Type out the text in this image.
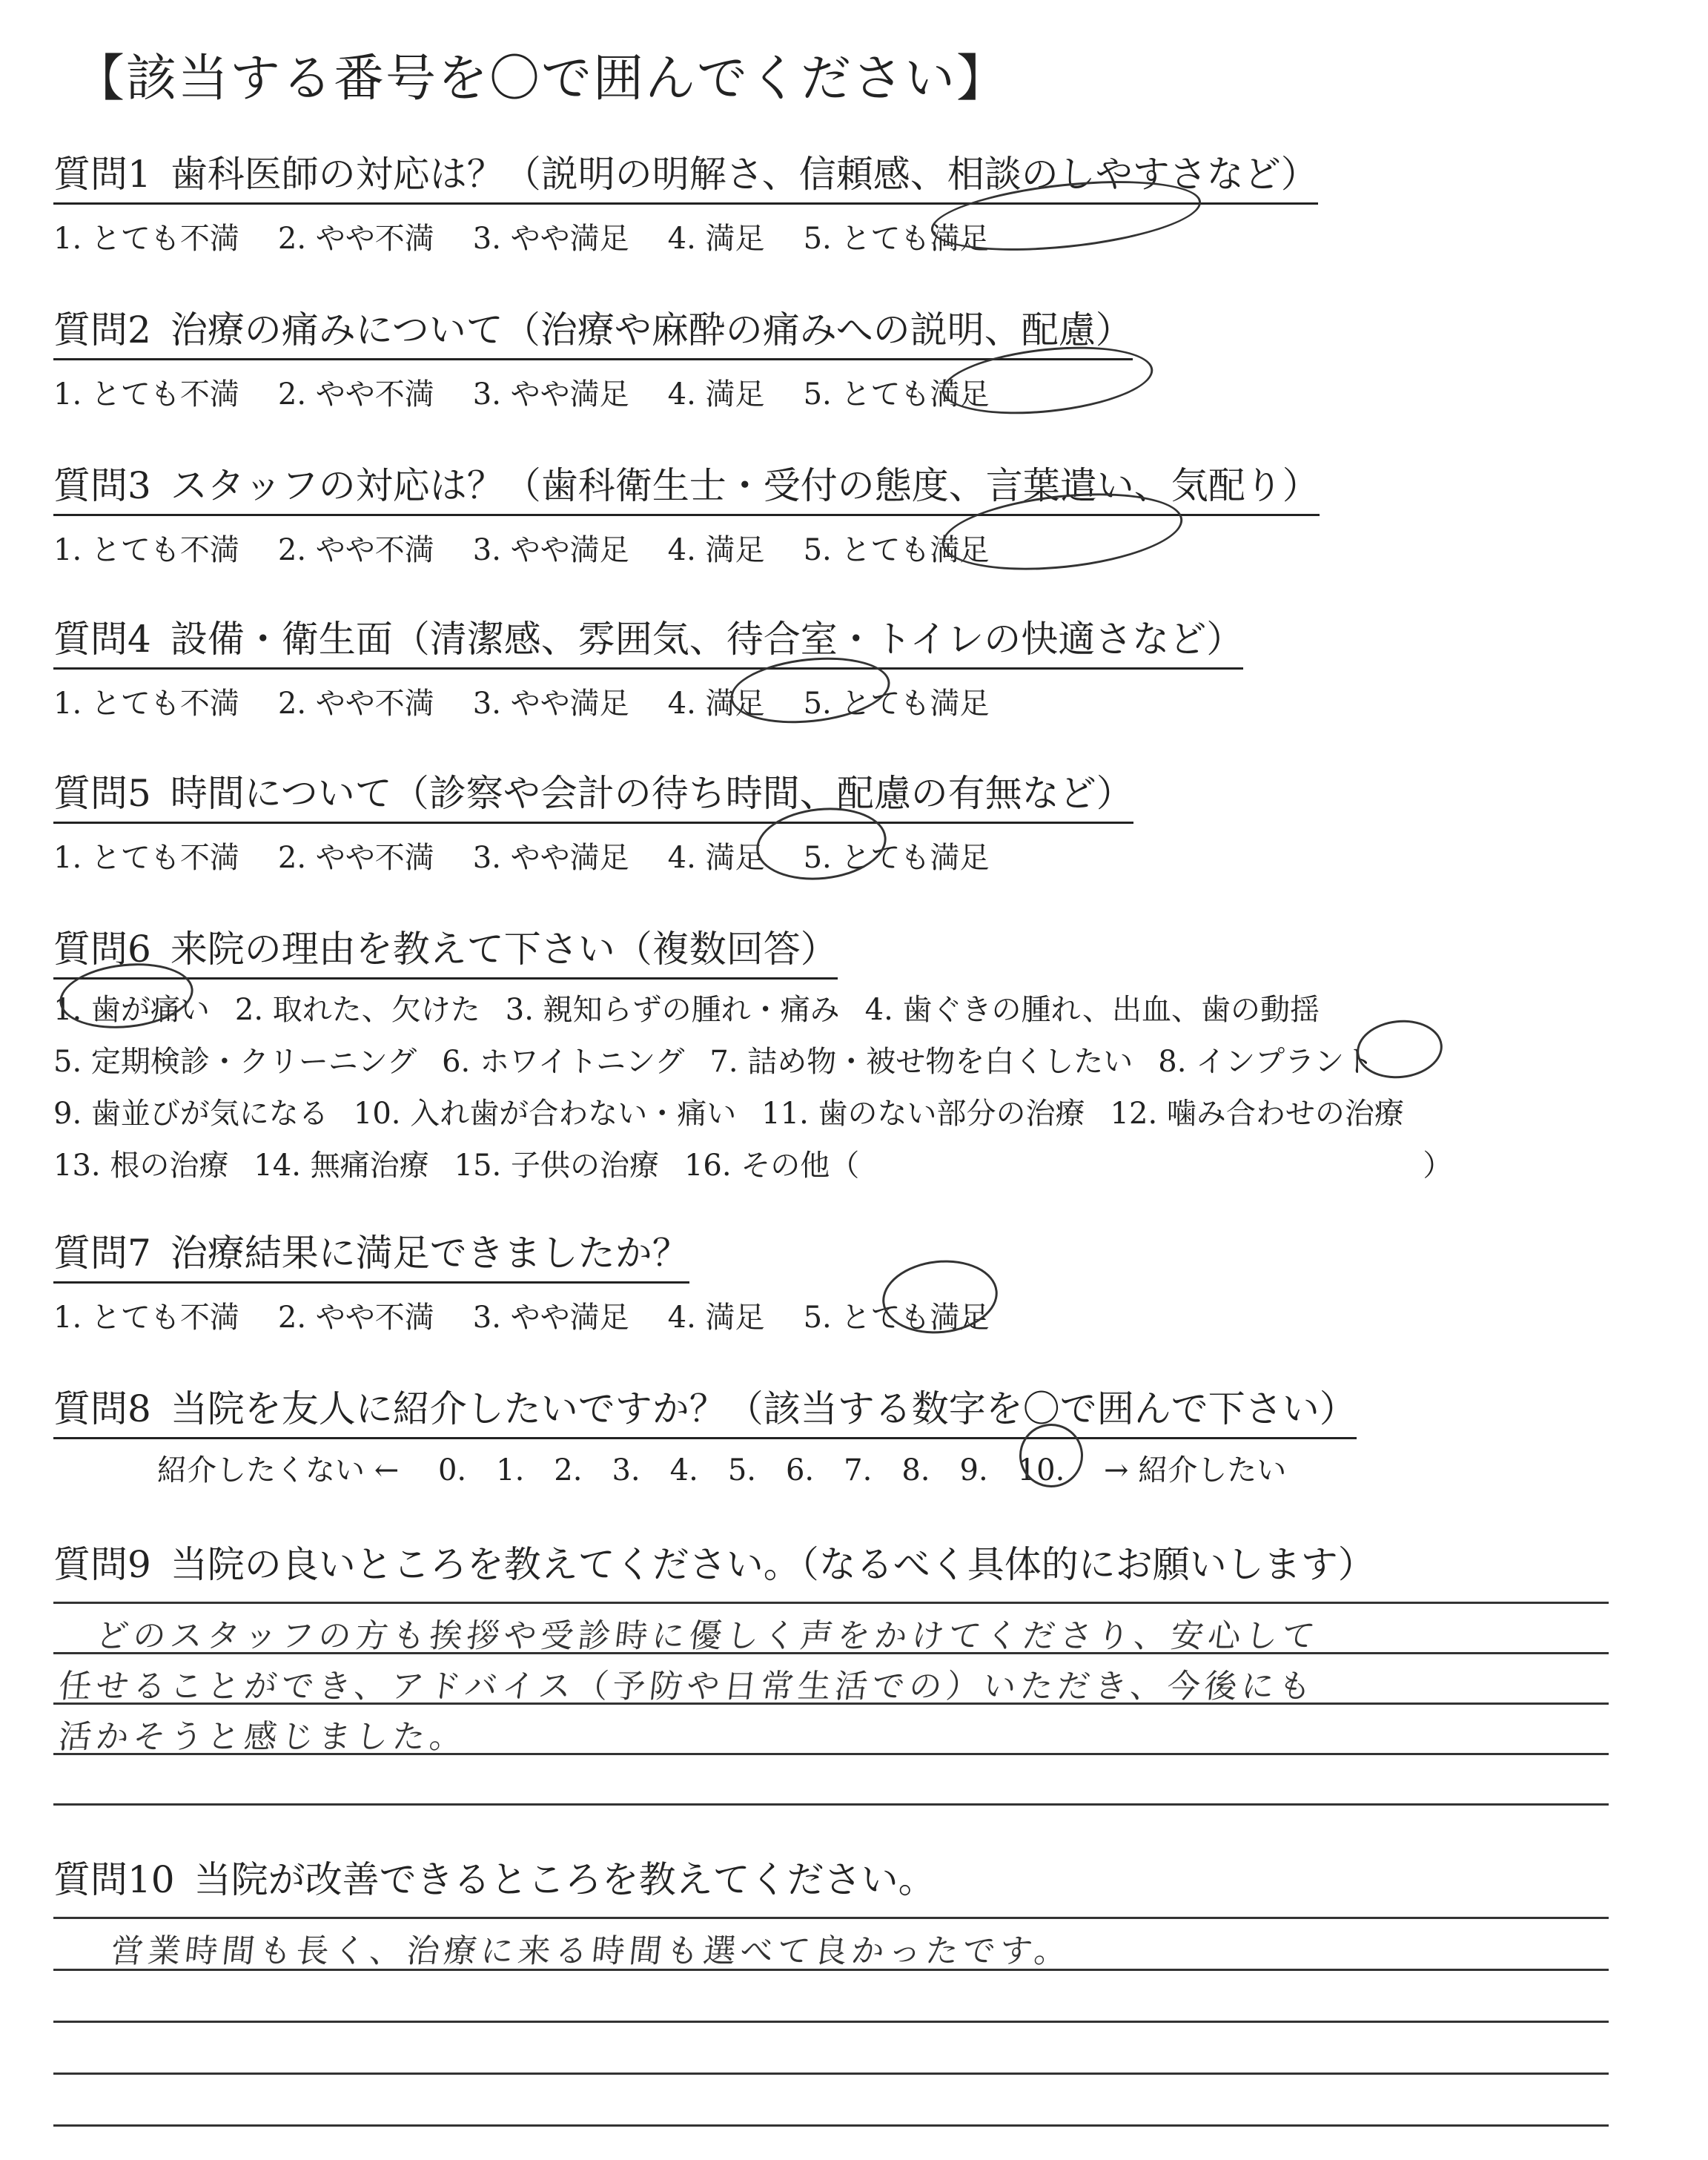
【該当する番号を〇で囲んでください】
質問1 歯科医師の対応は？（説明の明解さ、信頼感、相談のしやすさなど）
1. とても不満 2. やや不満 3. やや満足 4. 満足 5. とても満足
質問2 治療の痛みについて（治療や麻酔の痛みへの説明、配慮）
1. とても不満 2. やや不満 3. やや満足 4. 満足 5. とても満足
質問3 スタッフの対応は？（歯科衛生士・受付の態度、言葉遣い、気配り）
1. とても不満 2. やや不満 3. やや満足 4. 満足 5. とても満足
質問4 設備・衛生面（清潔感、雰囲気、待合室・トイレの快適さなど）
1. とても不満 2. やや不満 3. やや満足 4. 満足 5. とても満足
質問5 時間について（診察や会計の待ち時間、配慮の有無など）
1. とても不満 2. やや不満 3. やや満足 4. 満足 5. とても満足
質問6 来院の理由を教えて下さい（複数回答）
1. 歯が痛い 2. 取れた、欠けた 3. 親知らずの腫れ・痛み 4. 歯ぐきの腫れ、出血、歯の動揺
5. 定期検診・クリーニング 6. ホワイトニング 7. 詰め物・被せ物を白くしたい 8. インプラント
9. 歯並びが気になる 10. 入れ歯が合わない・痛い 11. 歯のない部分の治療 12. 噛み合わせの治療
13. 根の治療 14. 無痛治療 15. 子供の治療 16. その他（	）
質問7 治療結果に満足できましたか？
1. とても不満 2. やや不満 3. やや満足 4. 満足 5. とても満足
質問8 当院を友人に紹介したいですか？（該当する数字を〇で囲んで下さい）
紹介したくない ← 0. 1. 2. 3. 4. 5. 6. 7. 8. 9. 10. → 紹介したい
質問9 当院の良いところを教えてください。（なるべく具体的にお願いします）
どのスタッフの方も挨拶や受診時に優しく声をかけてくださり、安心して
任せることができ、アドバイス（予防や日常生活での）いただき、今後にも
活かそうと感じました。
質問10 当院が改善できるところを教えてください。
営業時間も長く、治療に来る時間も選べて良かったです。
